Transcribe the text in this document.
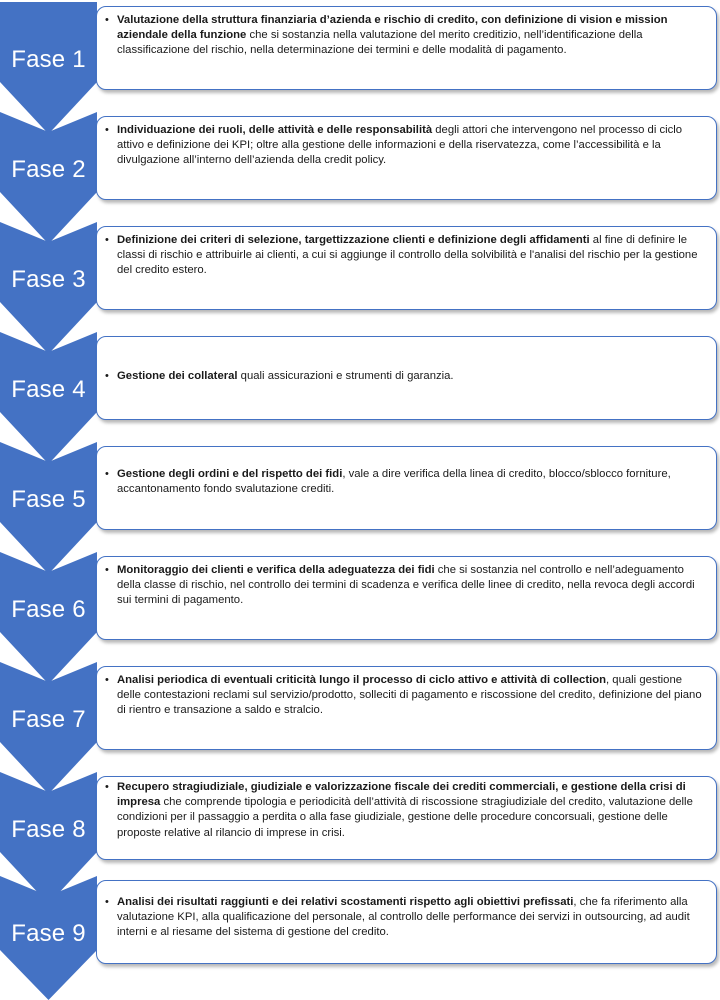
Fase 1
• Valutazione della struttura finanziaria d’azienda e rischio di credito, con definizione di vision e mission aziendale della funzione che si sostanzia nella valutazione del merito creditizio, nell’identificazione della classificazione del rischio, nella determinazione dei termini e delle modalità di pagamento.
Fase 2
• Individuazione dei ruoli, delle attività e delle responsabilità degli attori che intervengono nel processo di ciclo attivo e definizione dei KPI; oltre alla gestione delle informazioni e della riservatezza, come l’accessibilità e la divulgazione all’interno dell’azienda della credit policy.
Fase 3
• Definizione dei criteri di selezione, targettizzazione clienti e definizione degli affidamenti al fine di definire le classi di rischio e attribuirle ai clienti, a cui si aggiunge il controllo della solvibilità e l'analisi del rischio per la gestione del credito estero.
Fase 4	• Gestione dei collateral quali assicurazioni e strumenti di garanzia.
Fase 5
• Gestione degli ordini e del rispetto dei fidi, vale a dire verifica della linea di credito, blocco/sblocco forniture, accantonamento fondo svalutazione crediti.
Fase 6
• Monitoraggio dei clienti e verifica della adeguatezza dei fidi che si sostanzia nel controllo e nell’adeguamento della classe di rischio, nel controllo dei termini di scadenza e verifica delle linee di credito, nella revoca degli accordi sui termini di pagamento.
Fase 7
• Analisi periodica di eventuali criticità lungo il processo di ciclo attivo e attività di collection, quali gestione delle contestazioni reclami sul servizio/prodotto, solleciti di pagamento e riscossione del credito, definizione del piano di rientro e transazione a saldo e stralcio.
Fase 8
• Recupero stragiudiziale, giudiziale e valorizzazione fiscale dei crediti commerciali, e gestione della crisi di impresa che comprende tipologia e periodicità dell’attività di riscossione stragiudiziale del credito, valutazione delle condizioni per il passaggio a perdita o alla fase giudiziale, gestione delle procedure concorsuali, gestione delle proposte relative al rilancio di imprese in crisi.
Fase 9
• Analisi dei risultati raggiunti e dei relativi scostamenti rispetto agli obiettivi prefissati, che fa riferimento alla valutazione KPI, alla qualificazione del personale, al controllo delle performance dei servizi in outsourcing, ad audit interni e al riesame del sistema di gestione del credito.
